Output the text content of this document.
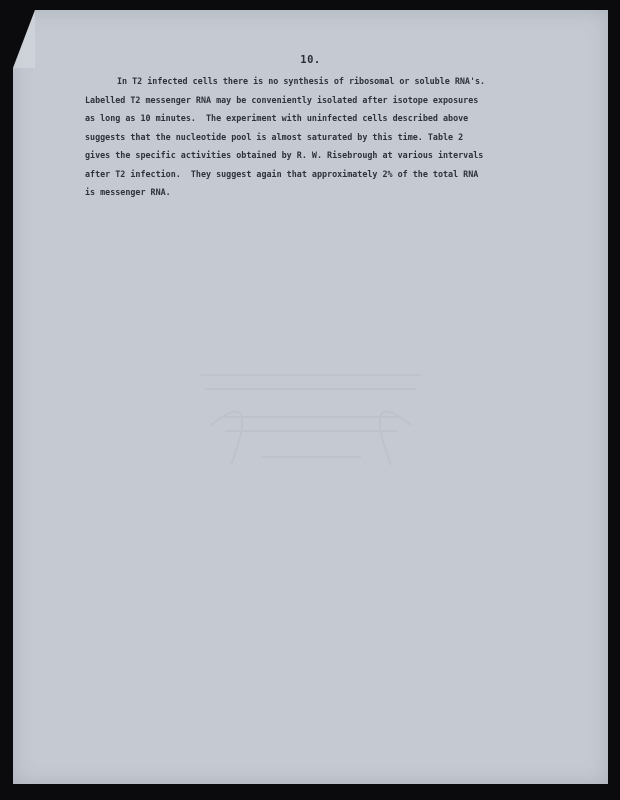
10.
In T2 infected cells there is no synthesis of ribosomal or soluble RNA's.
Labelled T2 messenger RNA may be conveniently isolated after isotope exposures
as long as 10 minutes.  The experiment with uninfected cells described above
suggests that the nucleotide pool is almost saturated by this time. Table 2
gives the specific activities obtained by R. W. Risebrough at various intervals
after T2 infection.  They suggest again that approximately 2% of the total RNA
is messenger RNA.
